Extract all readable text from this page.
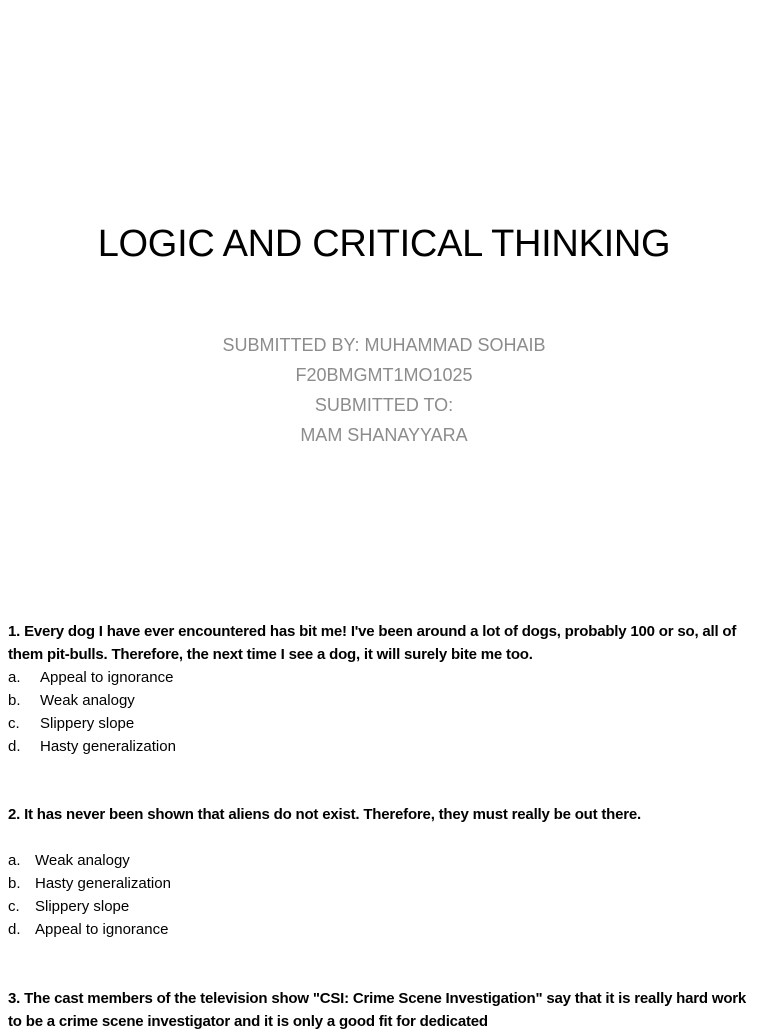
LOGIC AND CRITICAL THINKING
SUBMITTED BY: MUHAMMAD SOHAIB
F20BMGMT1MO1025
SUBMITTED TO:
MAM SHANAYYARA
1. Every dog I have ever encountered has bit me! I've been around a lot of dogs, probably 100 or so, all of them pit-bulls. Therefore, the next time I see a dog, it will surely bite me too.
a.	Appeal to ignorance
b.	Weak analogy
c.	Slippery slope
d.	Hasty generalization
2. It has never been shown that aliens do not exist. Therefore, they must really be out there.
a. Weak analogy
b. Hasty generalization
c.	Slippery slope
d. Appeal to ignorance
3. The cast members of the television show "CSI: Crime Scene Investigation" say that it is really hard work to be a crime scene investigator and it is only a good fit for dedicated
